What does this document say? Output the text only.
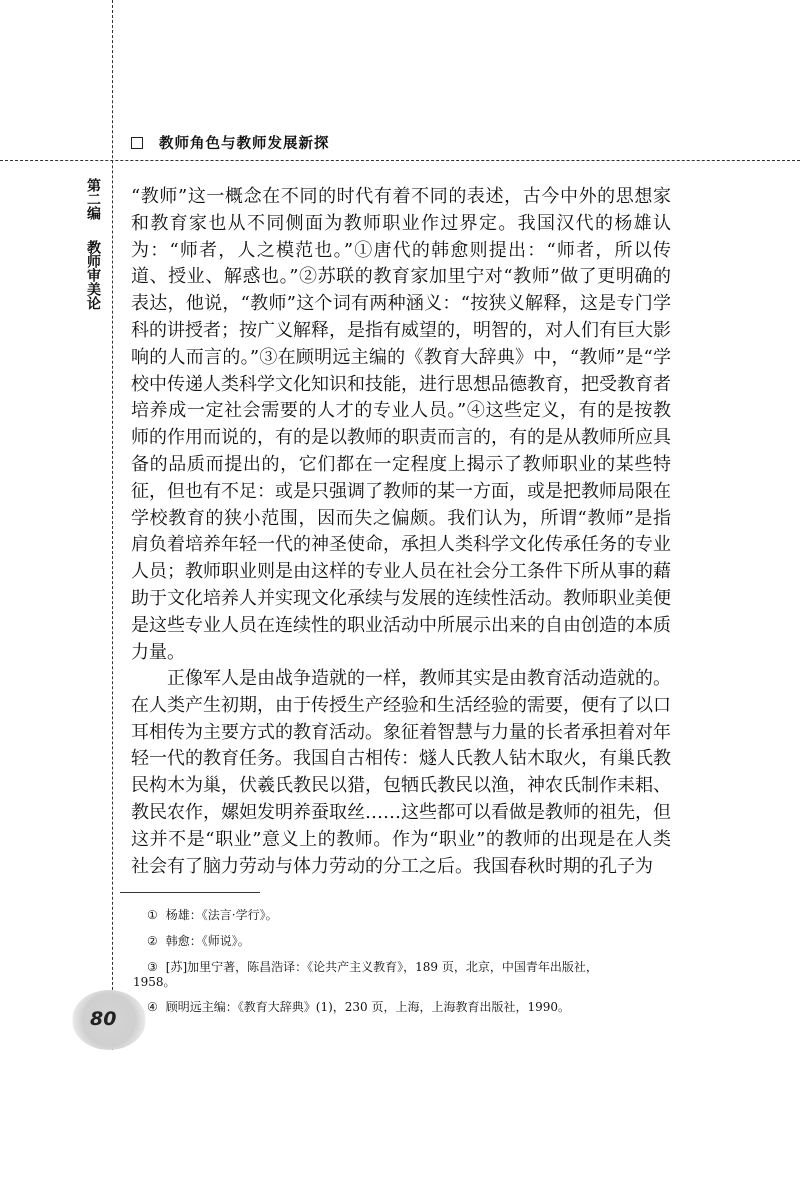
教师角色与教师发展新探
第二编
教师审美论

“教师”这一概念在不同的时代有着不同的表述，古今中外的思想家和教育家也从不同侧面为教师职业作过界定。我国汉代的杨雄认为：“师者，人之模范也。”①唐代的韩愈则提出：“师者，所以传道、授业、解惑也。”②苏联的教育家加里宁对“教师”做了更明确的表达，他说，“教师”这个词有两种涵义：“按狭义解释，这是专门学科的讲授者；按广义解释，是指有威望的，明智的，对人们有巨大影响的人而言的。”③在顾明远主编的《教育大辞典》中，“教师”是“学校中传递人类科学文化知识和技能，进行思想品德教育，把受教育者培养成一定社会需要的人才的专业人员。”④这些定义，有的是按教师的作用而说的，有的是以教师的职责而言的，有的是从教师所应具备的品质而提出的，它们都在一定程度上揭示了教师职业的某些特征，但也有不足：或是只强调了教师的某一方面，或是把教师局限在学校教育的狭小范围，因而失之偏颇。我们认为，所谓“教师”是指肩负着培养年轻一代的神圣使命，承担人类科学文化传承任务的专业人员；教师职业则是由这样的专业人员在社会分工条件下所从事的藉助于文化培养人并实现文化承续与发展的连续性活动。教师职业美便是这些专业人员在连续性的职业活动中所展示出来的自由创造的本质力量。

正像军人是由战争造就的一样，教师其实是由教育活动造就的。在人类产生初期，由于传授生产经验和生活经验的需要，便有了以口耳相传为主要方式的教育活动。象征着智慧与力量的长者承担着对年轻一代的教育任务。我国自古相传：燧人氏教人钻木取火，有巢氏教民构木为巢，伏羲氏教民以猎，包牺氏教民以渔，神农氏制作耒耜、教民农作，嫘妲发明养蚕取丝……这些都可以看做是教师的祖先，但这并不是“职业”意义上的教师。作为“职业”的教师的出现是在人类社会有了脑力劳动与体力劳动的分工之后。我国春秋时期的孔子为

① 杨雄：《法言·学行》。

② 韩愈：《师说》。

③ [苏]加里宁著，陈昌浩译：《论共产主义教育》，189 页，北京，中国青年出版社，

1958。

④ 顾明远主编：《教育大辞典》(1)，230 页，上海，上海教育出版社，1990。

80
